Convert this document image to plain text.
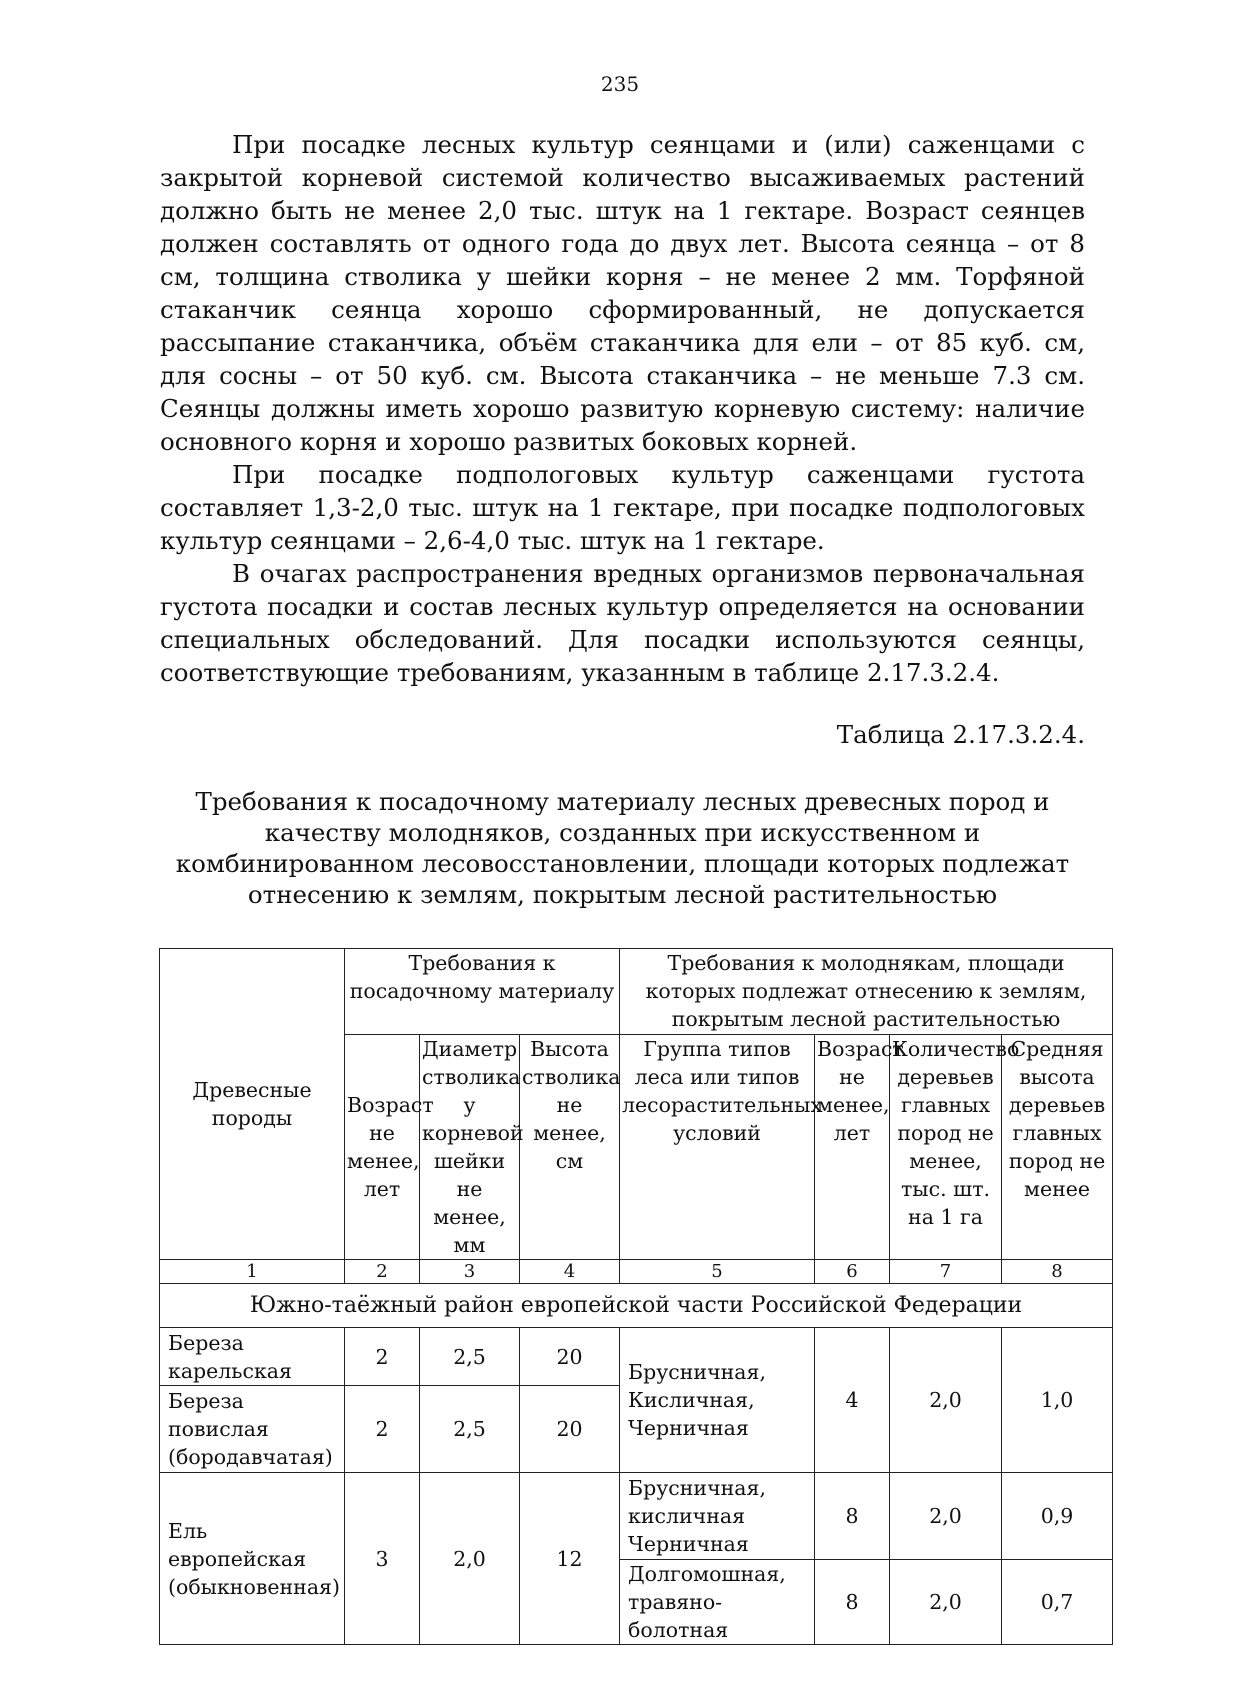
235

При посадке лесных культур сеянцами и (или) саженцами с закрытой корневой системой количество высаживаемых растений должно быть не менее 2,0 тыс. штук на 1 гектаре. Возраст сеянцев должен составлять от одного года до двух лет. Высота сеянца – от 8 см, толщина стволика у шейки корня – не менее 2 мм. Торфяной стаканчик сеянца хорошо сформированный, не допускается рассыпание стаканчика, объём стаканчика для ели – от 85 куб. см, для сосны – от 50 куб. см. Высота стаканчика – не меньше 7.3 см. Сеянцы должны иметь хорошо развитую корневую систему: наличие основного корня и хорошо развитых боковых корней.

При посадке подпологовых культур саженцами густота составляет 1,3-2,0 тыс. штук на 1 гектаре, при посадке подпологовых культур сеянцами – 2,6-4,0 тыс. штук на 1 гектаре.

В очагах распространения вредных организмов первоначальная густота посадки и состав лесных культур определяется на основании специальных обследований. Для посадки используются сеянцы, соответствующие требованиям, указанным в таблице 2.17.3.2.4.

Таблица 2.17.3.2.4.
Требования к посадочному материалу лесных древесных пород и
качеству молодняков, созданных при искусственном и
комбинированном лесовосстановлении, площади которых подлежат
отнесению к землям, покрытым лесной растительностью
Древесные породы	Требования к посадочному материалу			Требования к молоднякам, площади которых подлежат отнесению к землям, покрытым лесной растительностью			
	Возраст не менее, лет	Диаметр стволика у корневой шейки не менее, мм	Высота стволика не менее, см	Группа типов леса или типов лесорастительных условий	Возраст не менее, лет	Количество деревьев главных пород не менее, тыс. шт. на 1 га	Средняя высота деревьев главных пород не менее
1	2	3	4	5	6	7	8
Южно-таёжный район европейской части Российской Федерации							
Береза карельская	2	2,5	20	Брусничная, Кисличная, Черничная	4	2,0	1,0
Береза повислая (бородавчатая)	2	2,5	20				
Ель европейская (обыкновенная)	3	2,0	12	Брусничная, кисличная Черничная	8	2,0	0,9
				Долгомошная, травяно-болотная	8	2,0	0,7
